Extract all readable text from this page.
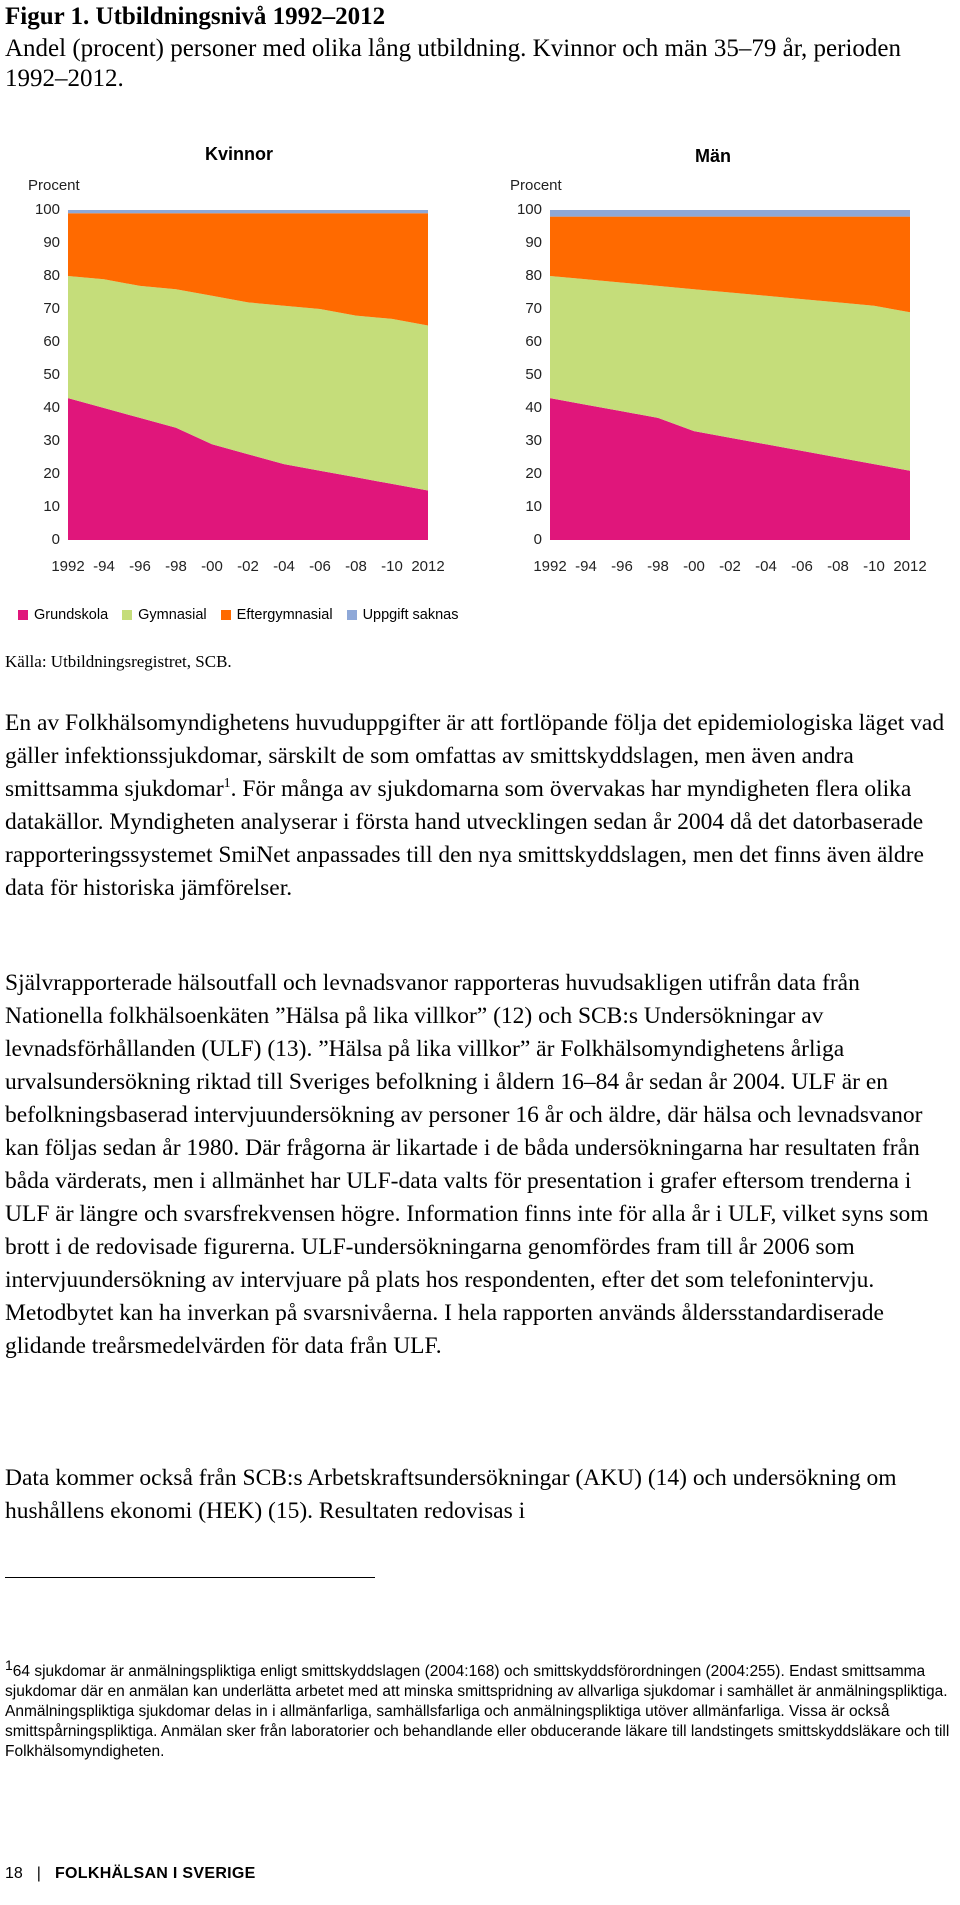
Figur 1. Utbildningsnivå 1992–2012
Andel (procent) personer med olika lång utbildning. Kvinnor och män 35–79 år, perioden 1992–2012.
Kvinnor
Procent
0
10
20
30
40
50
60
70
80
90
100
1992 -94 -96 -98 -00 -02 -04 -06 -08 -10 2012
Män
Procent
0
10
20
30
40
50
60
70
80
90
100
1992 -94 -96 -98 -00 -02 -04 -06 -08 -10 2012
Grundskola Gymnasial Eftergymnasial Uppgift saknas
Källa: Utbildningsregistret, SCB.

En av Folkhälsomyndighetens huvuduppgifter är att fortlöpande följa det epidemiologiska läget vad gäller infektionssjukdomar, särskilt de som omfattas av smittskyddslagen, men även andra smittsamma sjukdomar$^1$. För många av sjukdomarna som övervakas har myndigheten flera olika datakällor. Myndigheten analyserar i första hand utvecklingen sedan år 2004 då det datorbaserade rapporteringssystemet SmiNet anpassades till den nya smittskyddslagen, men det finns även äldre data för historiska jämförelser.

Självrapporterade hälsoutfall och levnadsvanor rapporteras huvudsakligen utifrån data från Nationella folkhälsoenkäten ”Hälsa på lika villkor” (12) och SCB:s Undersökningar av levnadsförhållanden (ULF) (13). ”Hälsa på lika villkor” är Folkhälsomyndighetens årliga urvalsundersökning riktad till Sveriges befolkning i åldern 16–84 år sedan år 2004. ULF är en befolkningsbaserad intervjuundersökning av personer 16 år och äldre, där hälsa och levnadsvanor kan följas sedan år 1980. Där frågorna är likartade i de båda undersökningarna har resultaten från båda värderats, men i allmänhet har ULF-data valts för presentation i grafer eftersom trenderna i ULF är längre och svarsfrekvensen högre. Information finns inte för alla år i ULF, vilket syns som brott i de redovisade figurerna. ULF-undersökningarna genomfördes fram till år 2006 som intervjuundersökning av intervjuare på plats hos respondenten, efter det som telefonintervju. Metodbytet kan ha inverkan på svarsnivåerna. I hela rapporten används åldersstandardiserade glidande treårsmedelvärden för data från ULF.

Data kommer också från SCB:s Arbetskraftsundersökningar (AKU) (14) och undersökning om hushållens ekonomi (HEK) (15). Resultaten redovisas i

$^1$64 sjukdomar är anmälningspliktiga enligt smittskyddslagen (2004:168) och smittskyddsförordningen (2004:255). Endast smittsamma sjukdomar där en anmälan kan underlätta arbetet med att minska smittspridning av allvarliga sjukdomar i samhället är anmälningspliktiga. Anmälningspliktiga sjukdomar delas in i allmänfarliga, samhällsfarliga och anmälningspliktiga utöver allmänfarliga. Vissa är också smittspårningspliktiga. Anmälan sker från laboratorier och behandlande eller obducerande läkare till landstingets smittskyddsläkare och till Folkhälsomyndigheten.

18 | FOLKHÄLSAN I SVERIGE
